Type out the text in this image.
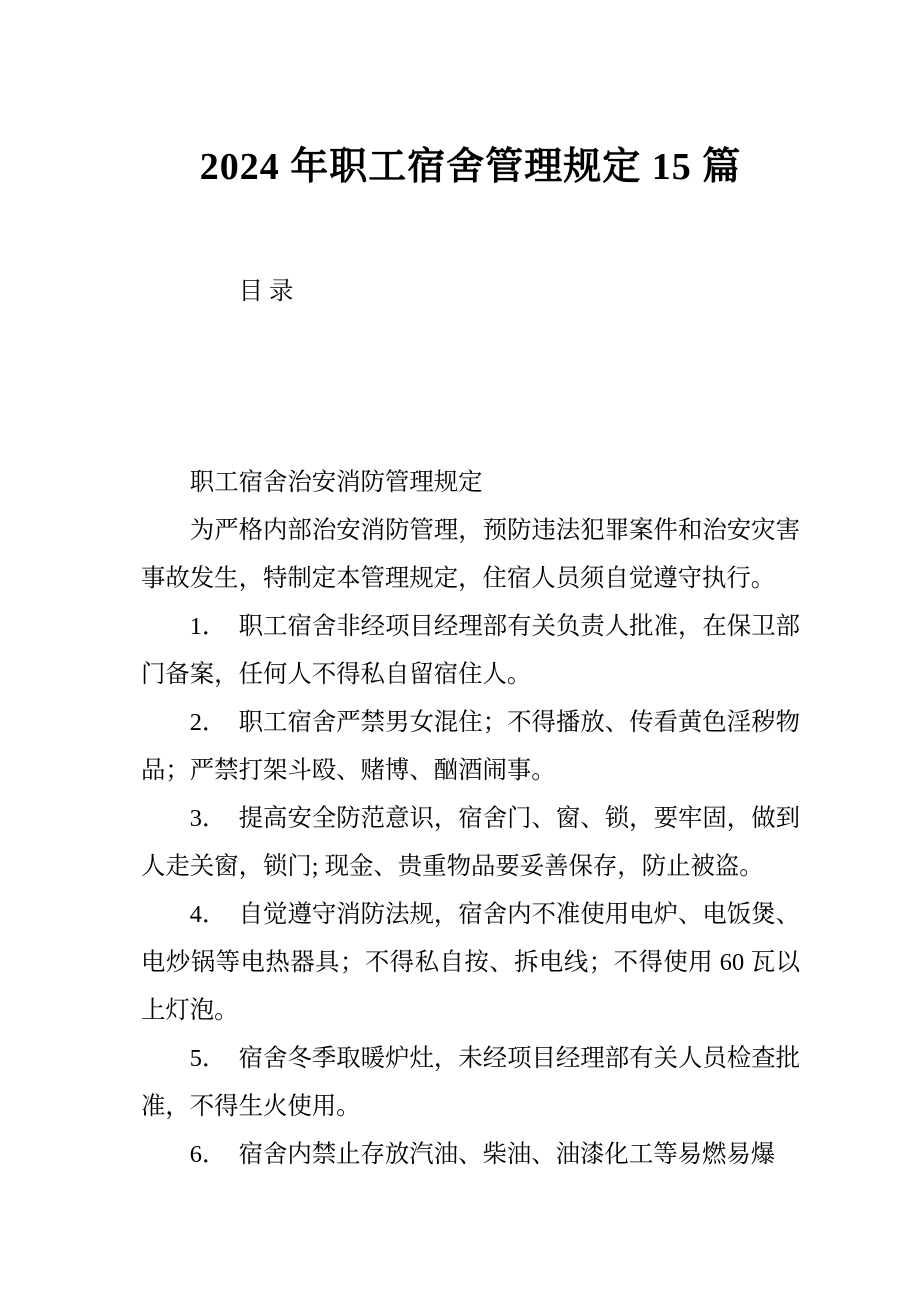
2024 年职工宿舍管理规定 15 篇

目录

职工宿舍治安消防管理规定

为严格内部治安消防管理，预防违法犯罪案件和治安灾害事故发生，特制定本管理规定，住宿人员须自觉遵守执行。

1．　职工宿舍非经项目经理部有关负责人批准，在保卫部门备案，任何人不得私自留宿住人。

2．　职工宿舍严禁男女混住；不得播放、传看黄色淫秽物品；严禁打架斗殴、赌博、酗酒闹事。

3．　提高安全防范意识，宿舍门、窗、锁，要牢固，做到人走关窗，锁门; 现金、贵重物品要妥善保存，防止被盗。

4．　自觉遵守消防法规，宿舍内不准使用电炉、电饭煲、电炒锅等电热器具；不得私自按、拆电线；不得使用 60 瓦以上灯泡。

5．　宿舍冬季取暖炉灶，未经项目经理部有关人员检查批准，不得生火使用。

6．　宿舍内禁止存放汽油、柴油、油漆化工等易燃易爆
